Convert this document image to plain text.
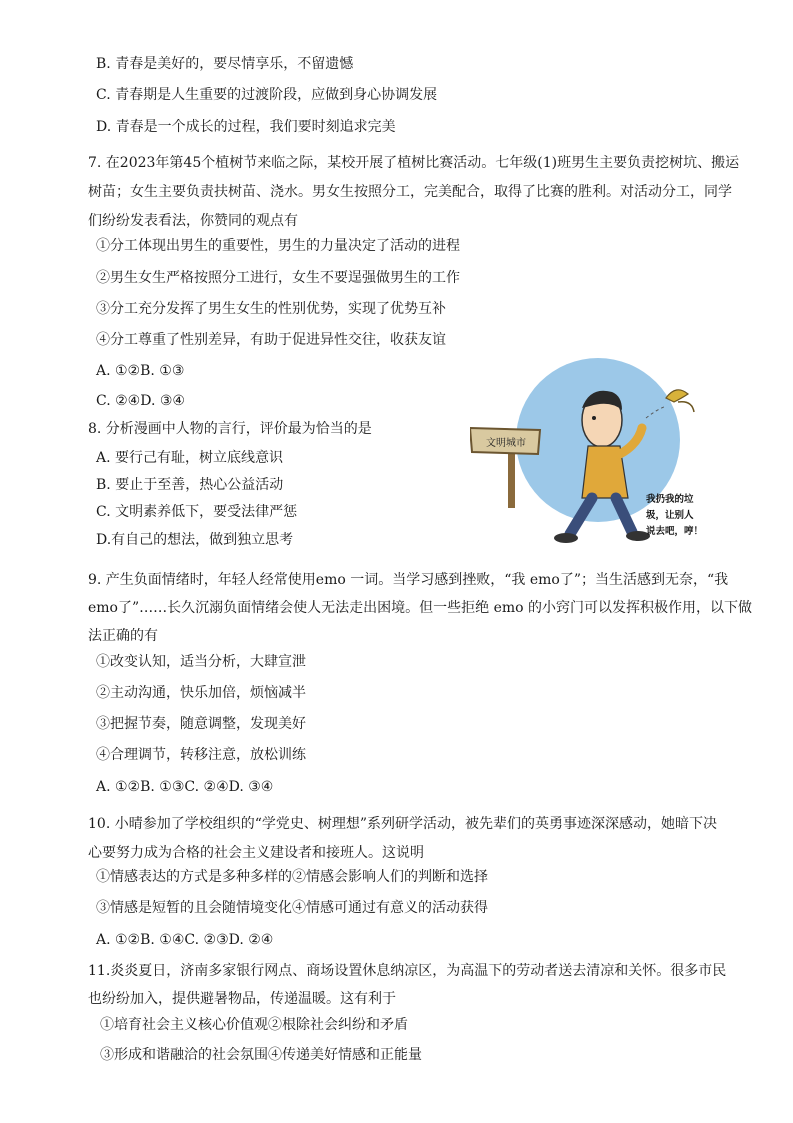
B. 青春是美好的，要尽情享乐，不留遗憾
C. 青春期是人生重要的过渡阶段，应做到身心协调发展
D. 青春是一个成长的过程，我们要时刻追求完美
7. 在2023年第45个植树节来临之际，某校开展了植树比赛活动。七年级(1)班男生主要负责挖树坑、搬运
树苗；女生主要负责扶树苗、浇水。男女生按照分工，完美配合，取得了比赛的胜利。对活动分工，同学
们纷纷发表看法，你赞同的观点有
①分工体现出男生的重要性，男生的力量决定了活动的进程
②男生女生严格按照分工进行，女生不要逞强做男生的工作
③分工充分发挥了男生女生的性别优势，实现了优势互补
④分工尊重了性别差异，有助于促进异性交往，收获友谊
A. ①②B. ①③
C. ②④D. ③④
8. 分析漫画中人物的言行，评价最为恰当的是
A. 要行己有耻，树立底线意识
B. 要止于至善，热心公益活动
C. 文明素养低下，要受法律严惩
D.有自己的想法，做到独立思考
文明城市
我扔我的垃 圾，让别人 说去吧，哼！
9. 产生负面情绪时，年轻人经常使用emo 一词。当学习感到挫败，“我 emo了”；当生活感到无奈，“我
emo了”……长久沉溺负面情绪会使人无法走出困境。但一些拒绝 emo 的小窍门可以发挥积极作用，以下做
法正确的有
①改变认知，适当分析，大肆宣泄
②主动沟通，快乐加倍，烦恼减半
③把握节奏，随意调整，发现美好
④合理调节，转移注意，放松训练
A. ①②B. ①③C. ②④D. ③④
10. 小晴参加了学校组织的“学党史、树理想”系列研学活动，被先辈们的英勇事迹深深感动，她暗下决
心要努力成为合格的社会主义建设者和接班人。这说明
①情感表达的方式是多种多样的②情感会影响人们的判断和选择
③情感是短暂的且会随情境变化④情感可通过有意义的活动获得
A. ①②B. ①④C. ②③D. ②④
11.炎炎夏日，济南多家银行网点、商场设置休息纳凉区，为高温下的劳动者送去清凉和关怀。很多市民
也纷纷加入，提供避暑物品，传递温暖。这有利于
①培育社会主义核心价值观②根除社会纠纷和矛盾
③形成和谐融洽的社会氛围④传递美好情感和正能量
